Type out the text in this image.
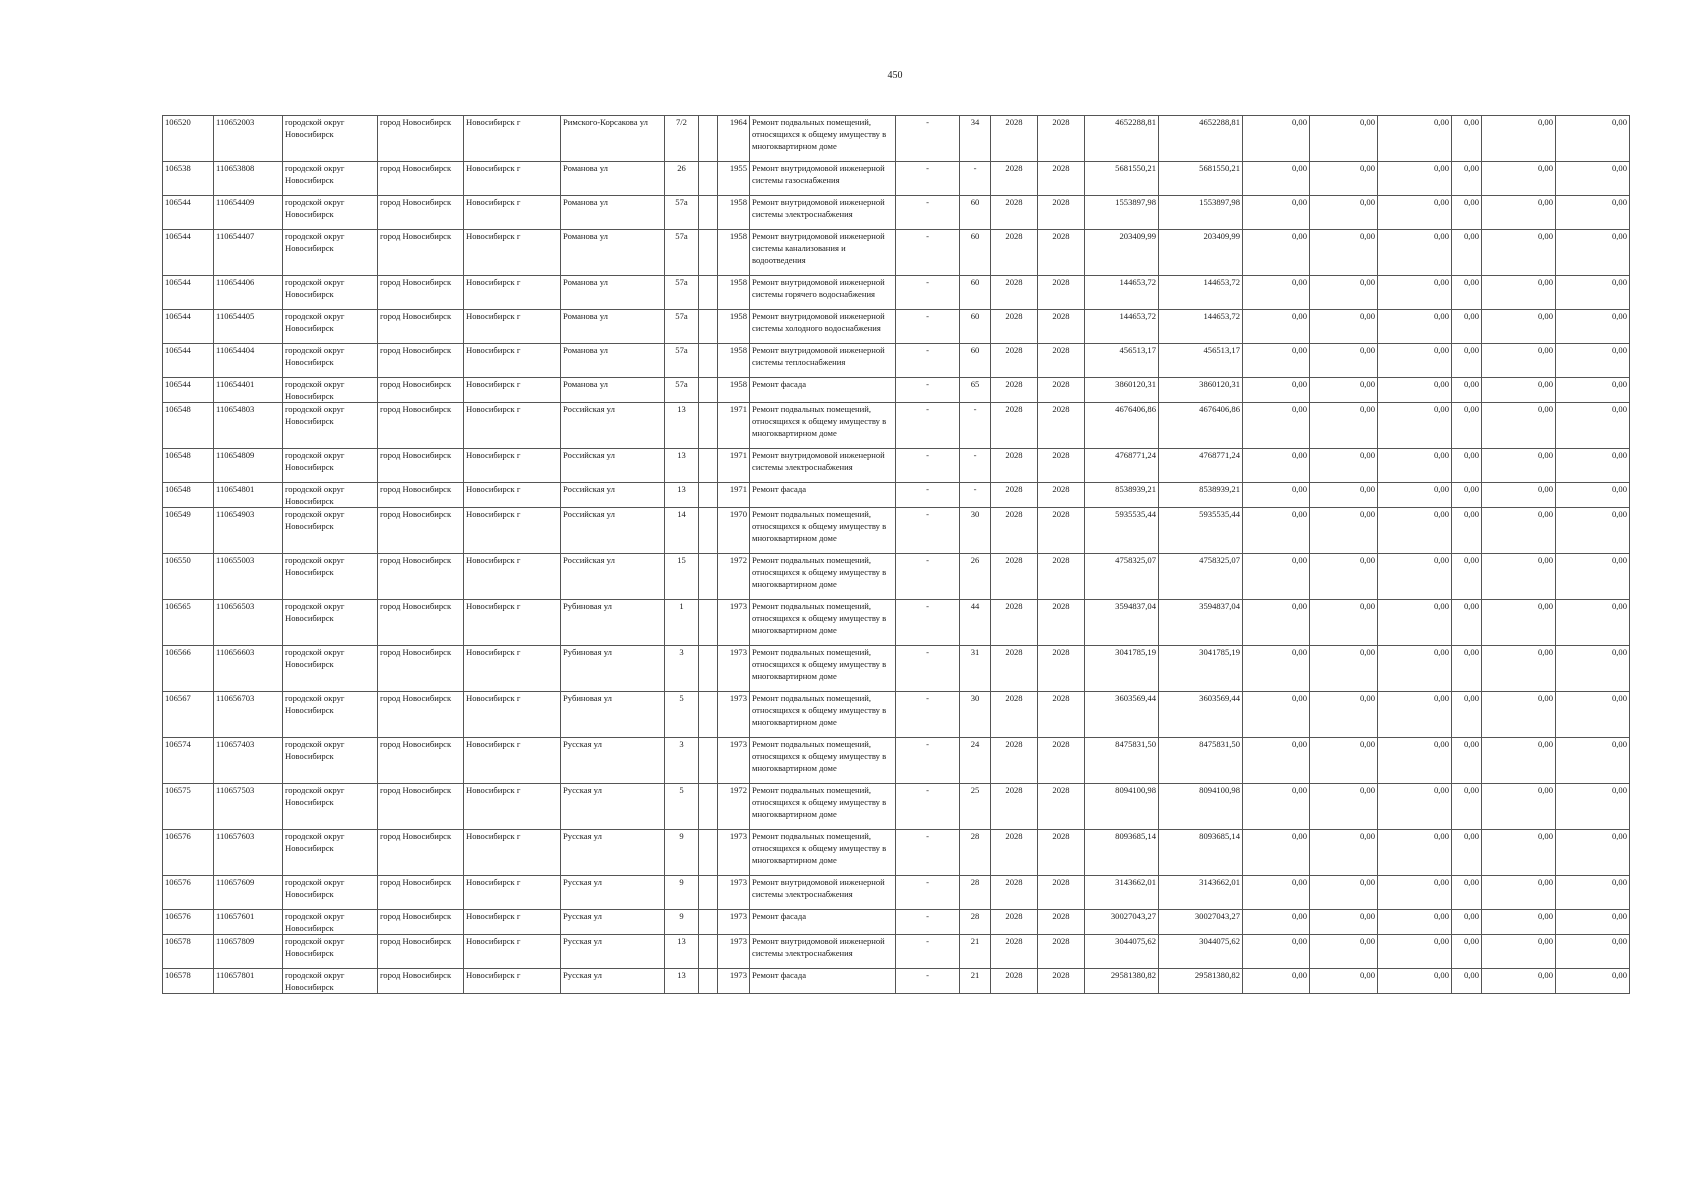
450
106520	110652003	городской округ Новосибирск	город Новосибирск	Новосибирск г	Римского-Корсакова ул	7/2		1964	Ремонт подвальных помещений, относящихся к общему имуществу в многоквартирном доме	-	34	2028	2028	4652288,81	4652288,81	0,00	0,00	0,00	0,00	0,00	0,00
106538	110653808	городской округ Новосибирск	город Новосибирск	Новосибирск г	Романова ул	26		1955	Ремонт внутридомовой инженерной системы газоснабжения	-	-	2028	2028	5681550,21	5681550,21	0,00	0,00	0,00	0,00	0,00	0,00
106544	110654409	городской округ Новосибирск	город Новосибирск	Новосибирск г	Романова ул	57а		1958	Ремонт внутридомовой инженерной системы электроснабжения	-	60	2028	2028	1553897,98	1553897,98	0,00	0,00	0,00	0,00	0,00	0,00
106544	110654407	городской округ Новосибирск	город Новосибирск	Новосибирск г	Романова ул	57а		1958	Ремонт внутридомовой инженерной системы канализования и водоотведения	-	60	2028	2028	203409,99	203409,99	0,00	0,00	0,00	0,00	0,00	0,00
106544	110654406	городской округ Новосибирск	город Новосибирск	Новосибирск г	Романова ул	57а		1958	Ремонт внутридомовой инженерной системы горячего водоснабжения	-	60	2028	2028	144653,72	144653,72	0,00	0,00	0,00	0,00	0,00	0,00
106544	110654405	городской округ Новосибирск	город Новосибирск	Новосибирск г	Романова ул	57а		1958	Ремонт внутридомовой инженерной системы холодного водоснабжения	-	60	2028	2028	144653,72	144653,72	0,00	0,00	0,00	0,00	0,00	0,00
106544	110654404	городской округ Новосибирск	город Новосибирск	Новосибирск г	Романова ул	57а		1958	Ремонт внутридомовой инженерной системы теплоснабжения	-	60	2028	2028	456513,17	456513,17	0,00	0,00	0,00	0,00	0,00	0,00
106544	110654401	городской округ Новосибирск	город Новосибирск	Новосибирск г	Романова ул	57а		1958	Ремонт фасада	-	65	2028	2028	3860120,31	3860120,31	0,00	0,00	0,00	0,00	0,00	0,00
106548	110654803	городской округ Новосибирск	город Новосибирск	Новосибирск г	Российская ул	13		1971	Ремонт подвальных помещений, относящихся к общему имуществу в многоквартирном доме	-	-	2028	2028	4676406,86	4676406,86	0,00	0,00	0,00	0,00	0,00	0,00
106548	110654809	городской округ Новосибирск	город Новосибирск	Новосибирск г	Российская ул	13		1971	Ремонт внутридомовой инженерной системы электроснабжения	-	-	2028	2028	4768771,24	4768771,24	0,00	0,00	0,00	0,00	0,00	0,00
106548	110654801	городской округ Новосибирск	город Новосибирск	Новосибирск г	Российская ул	13		1971	Ремонт фасада	-	-	2028	2028	8538939,21	8538939,21	0,00	0,00	0,00	0,00	0,00	0,00
106549	110654903	городской округ Новосибирск	город Новосибирск	Новосибирск г	Российская ул	14		1970	Ремонт подвальных помещений, относящихся к общему имуществу в многоквартирном доме	-	30	2028	2028	5935535,44	5935535,44	0,00	0,00	0,00	0,00	0,00	0,00
106550	110655003	городской округ Новосибирск	город Новосибирск	Новосибирск г	Российская ул	15		1972	Ремонт подвальных помещений, относящихся к общему имуществу в многоквартирном доме	-	26	2028	2028	4758325,07	4758325,07	0,00	0,00	0,00	0,00	0,00	0,00
106565	110656503	городской округ Новосибирск	город Новосибирск	Новосибирск г	Рубиновая ул	1		1973	Ремонт подвальных помещений, относящихся к общему имуществу в многоквартирном доме	-	44	2028	2028	3594837,04	3594837,04	0,00	0,00	0,00	0,00	0,00	0,00
106566	110656603	городской округ Новосибирск	город Новосибирск	Новосибирск г	Рубиновая ул	3		1973	Ремонт подвальных помещений, относящихся к общему имуществу в многоквартирном доме	-	31	2028	2028	3041785,19	3041785,19	0,00	0,00	0,00	0,00	0,00	0,00
106567	110656703	городской округ Новосибирск	город Новосибирск	Новосибирск г	Рубиновая ул	5		1973	Ремонт подвальных помещений, относящихся к общему имуществу в многоквартирном доме	-	30	2028	2028	3603569,44	3603569,44	0,00	0,00	0,00	0,00	0,00	0,00
106574	110657403	городской округ Новосибирск	город Новосибирск	Новосибирск г	Русская ул	3		1973	Ремонт подвальных помещений, относящихся к общему имуществу в многоквартирном доме	-	24	2028	2028	8475831,50	8475831,50	0,00	0,00	0,00	0,00	0,00	0,00
106575	110657503	городской округ Новосибирск	город Новосибирск	Новосибирск г	Русская ул	5		1972	Ремонт подвальных помещений, относящихся к общему имуществу в многоквартирном доме	-	25	2028	2028	8094100,98	8094100,98	0,00	0,00	0,00	0,00	0,00	0,00
106576	110657603	городской округ Новосибирск	город Новосибирск	Новосибирск г	Русская ул	9		1973	Ремонт подвальных помещений, относящихся к общему имуществу в многоквартирном доме	-	28	2028	2028	8093685,14	8093685,14	0,00	0,00	0,00	0,00	0,00	0,00
106576	110657609	городской округ Новосибирск	город Новосибирск	Новосибирск г	Русская ул	9		1973	Ремонт внутридомовой инженерной системы электроснабжения	-	28	2028	2028	3143662,01	3143662,01	0,00	0,00	0,00	0,00	0,00	0,00
106576	110657601	городской округ Новосибирск	город Новосибирск	Новосибирск г	Русская ул	9		1973	Ремонт фасада	-	28	2028	2028	30027043,27	30027043,27	0,00	0,00	0,00	0,00	0,00	0,00
106578	110657809	городской округ Новосибирск	город Новосибирск	Новосибирск г	Русская ул	13		1973	Ремонт внутридомовой инженерной системы электроснабжения	-	21	2028	2028	3044075,62	3044075,62	0,00	0,00	0,00	0,00	0,00	0,00
106578	110657801	городской округ Новосибирск	город Новосибирск	Новосибирск г	Русская ул	13		1973	Ремонт фасада	-	21	2028	2028	29581380,82	29581380,82	0,00	0,00	0,00	0,00	0,00	0,00
